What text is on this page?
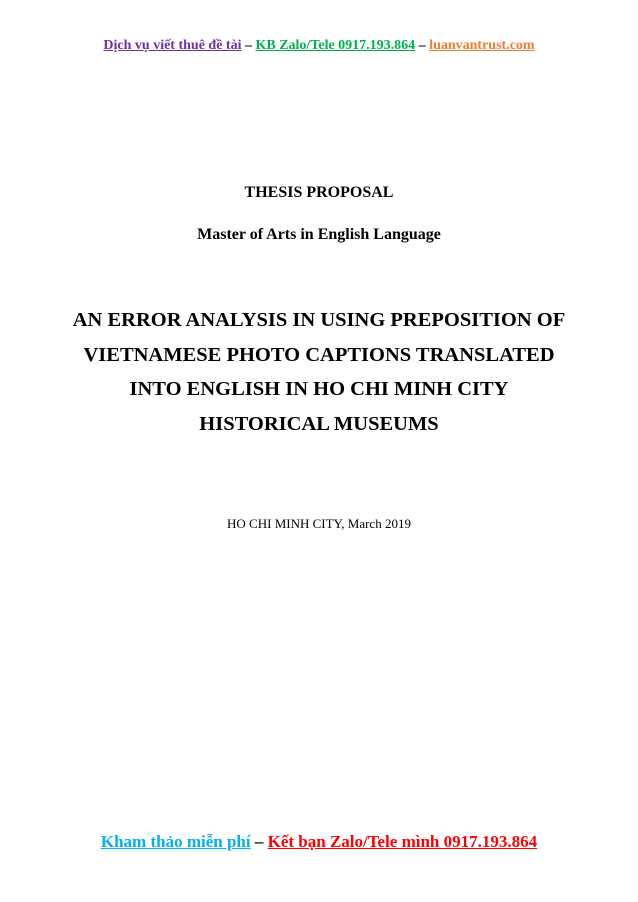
Dịch vụ viết thuê đề tài – KB Zalo/Tele 0917.193.864 – luanvantrust.com
THESIS PROPOSAL
Master of Arts in English Language
AN ERROR ANALYSIS IN USING PREPOSITION OF
VIETNAMESE PHOTO CAPTIONS TRANSLATED
INTO ENGLISH IN HO CHI MINH CITY
HISTORICAL MUSEUMS
HO CHI MINH CITY, March 2019
Kham thảo miễn phí – Kết bạn Zalo/Tele mình 0917.193.864
